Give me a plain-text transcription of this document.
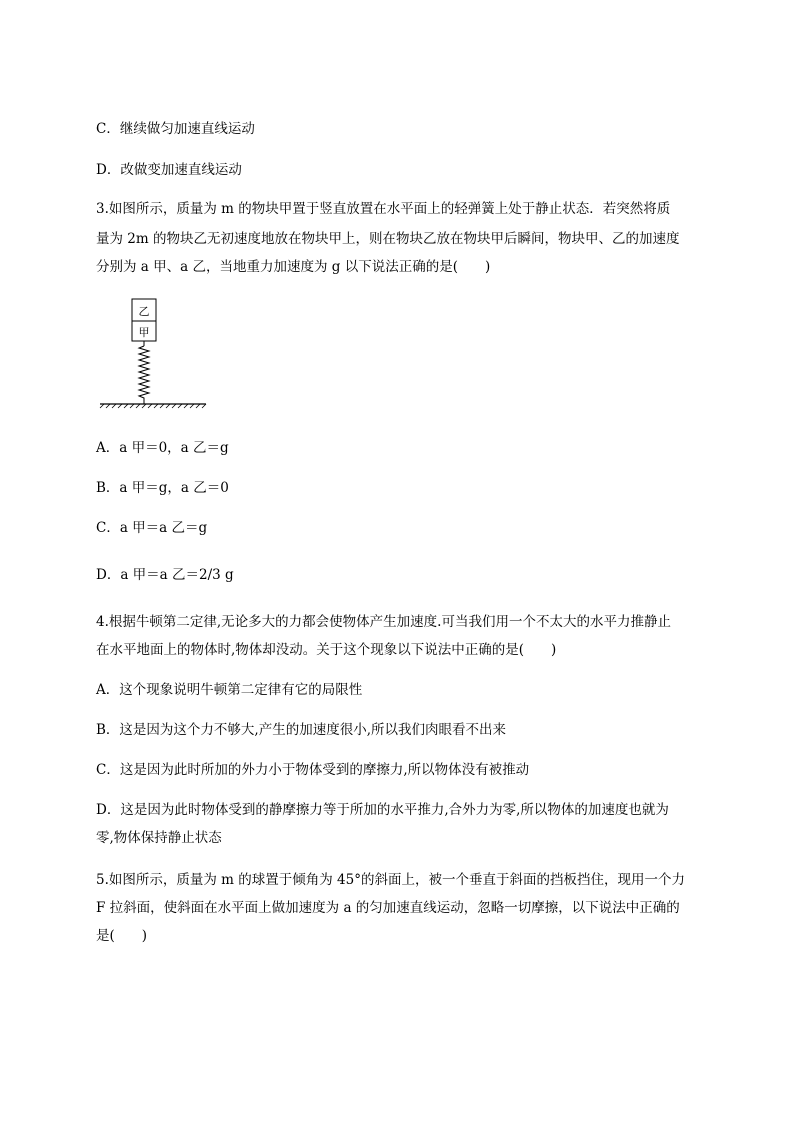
C．继续做匀加速直线运动
D．改做变加速直线运动
3.如图所示，质量为 m 的物块甲置于竖直放置在水平面上的轻弹簧上处于静止状态．若突然将质
量为 2m 的物块乙无初速度地放在物块甲上，则在物块乙放在物块甲后瞬间，物块甲、乙的加速度
分别为 a 甲、a 乙，当地重力加速度为 g 以下说法正确的是(　　)
乙
甲
A．a 甲＝0，a 乙＝g
B．a 甲＝g，a 乙＝0
C．a 甲＝a 乙＝g
D．a 甲＝a 乙＝2/3 g
4.根据牛顿第二定律,无论多大的力都会使物体产生加速度.可当我们用一个不太大的水平力推静止
在水平地面上的物体时,物体却没动。关于这个现象以下说法中正确的是(　　)
A．这个现象说明牛顿第二定律有它的局限性
B．这是因为这个力不够大,产生的加速度很小,所以我们肉眼看不出来
C．这是因为此时所加的外力小于物体受到的摩擦力,所以物体没有被推动
D．这是因为此时物体受到的静摩擦力等于所加的水平推力,合外力为零,所以物体的加速度也就为
零,物体保持静止状态
5.如图所示，质量为 m 的球置于倾角为 45°的斜面上，被一个垂直于斜面的挡板挡住，现用一个力
F 拉斜面，使斜面在水平面上做加速度为 a 的匀加速直线运动，忽略一切摩擦，以下说法中正确的
是(　　)
